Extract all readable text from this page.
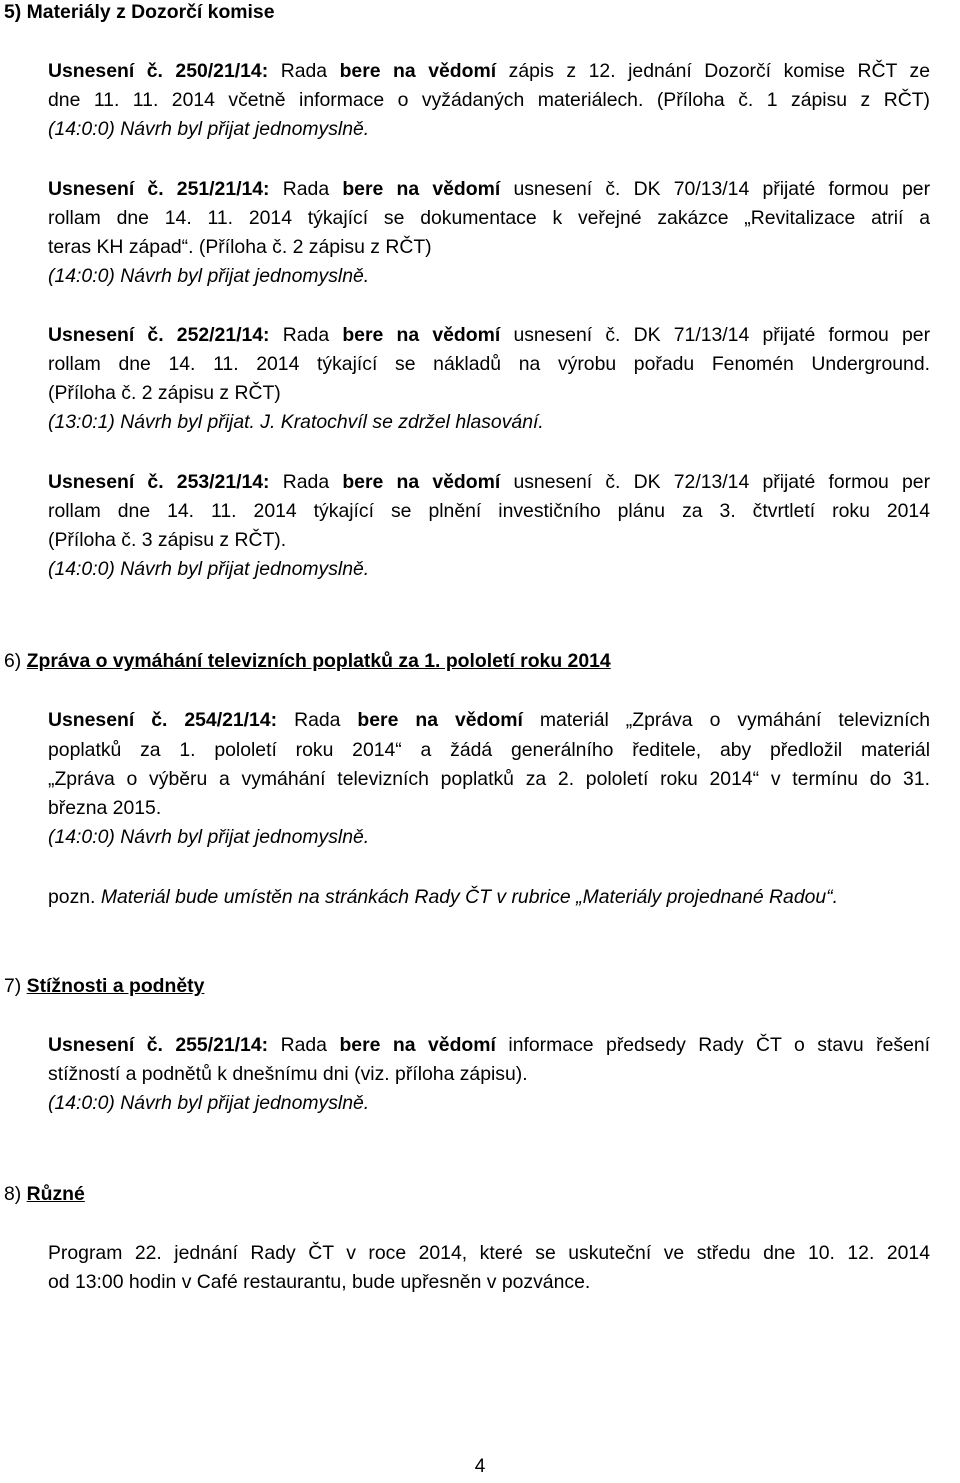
5) Materiály z Dozorčí komise
Usnesení č. 250/21/14: Rada bere na vědomí zápis z 12. jednání Dozorčí komise RČT ze
dne 11. 11. 2014 včetně informace o vyžádaných materiálech. (Příloha č. 1 zápisu z RČT)
(14:0:0) Návrh byl přijat jednomyslně.
Usnesení č. 251/21/14: Rada bere na vědomí usnesení č. DK 70/13/14 přijaté formou per
rollam dne 14. 11. 2014 týkající se dokumentace k veřejné zakázce „Revitalizace atrií a
teras KH západ“. (Příloha č. 2 zápisu z RČT)
(14:0:0) Návrh byl přijat jednomyslně.
Usnesení č. 252/21/14: Rada bere na vědomí usnesení č. DK 71/13/14 přijaté formou per
rollam dne 14. 11. 2014 týkající se nákladů na výrobu pořadu Fenomén Underground.
(Příloha č. 2 zápisu z RČT)
(13:0:1) Návrh byl přijat. J. Kratochvíl se zdržel hlasování.
Usnesení č. 253/21/14: Rada bere na vědomí usnesení č. DK 72/13/14 přijaté formou per
rollam dne 14. 11. 2014 týkající se plnění investičního plánu za 3. čtvrtletí roku 2014
(Příloha č. 3 zápisu z RČT).
(14:0:0) Návrh byl přijat jednomyslně.
6) Zpráva o vymáhání televizních poplatků za 1. pololetí roku 2014
Usnesení č. 254/21/14: Rada bere na vědomí materiál „Zpráva o vymáhání televizních
poplatků za 1. pololetí roku 2014“ a žádá generálního ředitele, aby předložil materiál
„Zpráva o výběru a vymáhání televizních poplatků za 2. pololetí roku 2014“ v termínu do 31.
března 2015.
(14:0:0) Návrh byl přijat jednomyslně.
pozn. Materiál bude umístěn na stránkách Rady ČT v rubrice „Materiály projednané Radou“.
7) Stížnosti a podněty
Usnesení č. 255/21/14: Rada bere na vědomí informace předsedy Rady ČT o stavu řešení
stížností a podnětů k dnešnímu dni (viz. příloha zápisu).
(14:0:0) Návrh byl přijat jednomyslně.
8) Různé
Program 22. jednání Rady ČT v roce 2014, které se uskuteční ve středu dne 10. 12. 2014
od 13:00 hodin v Café restaurantu, bude upřesněn v pozvánce.
4
